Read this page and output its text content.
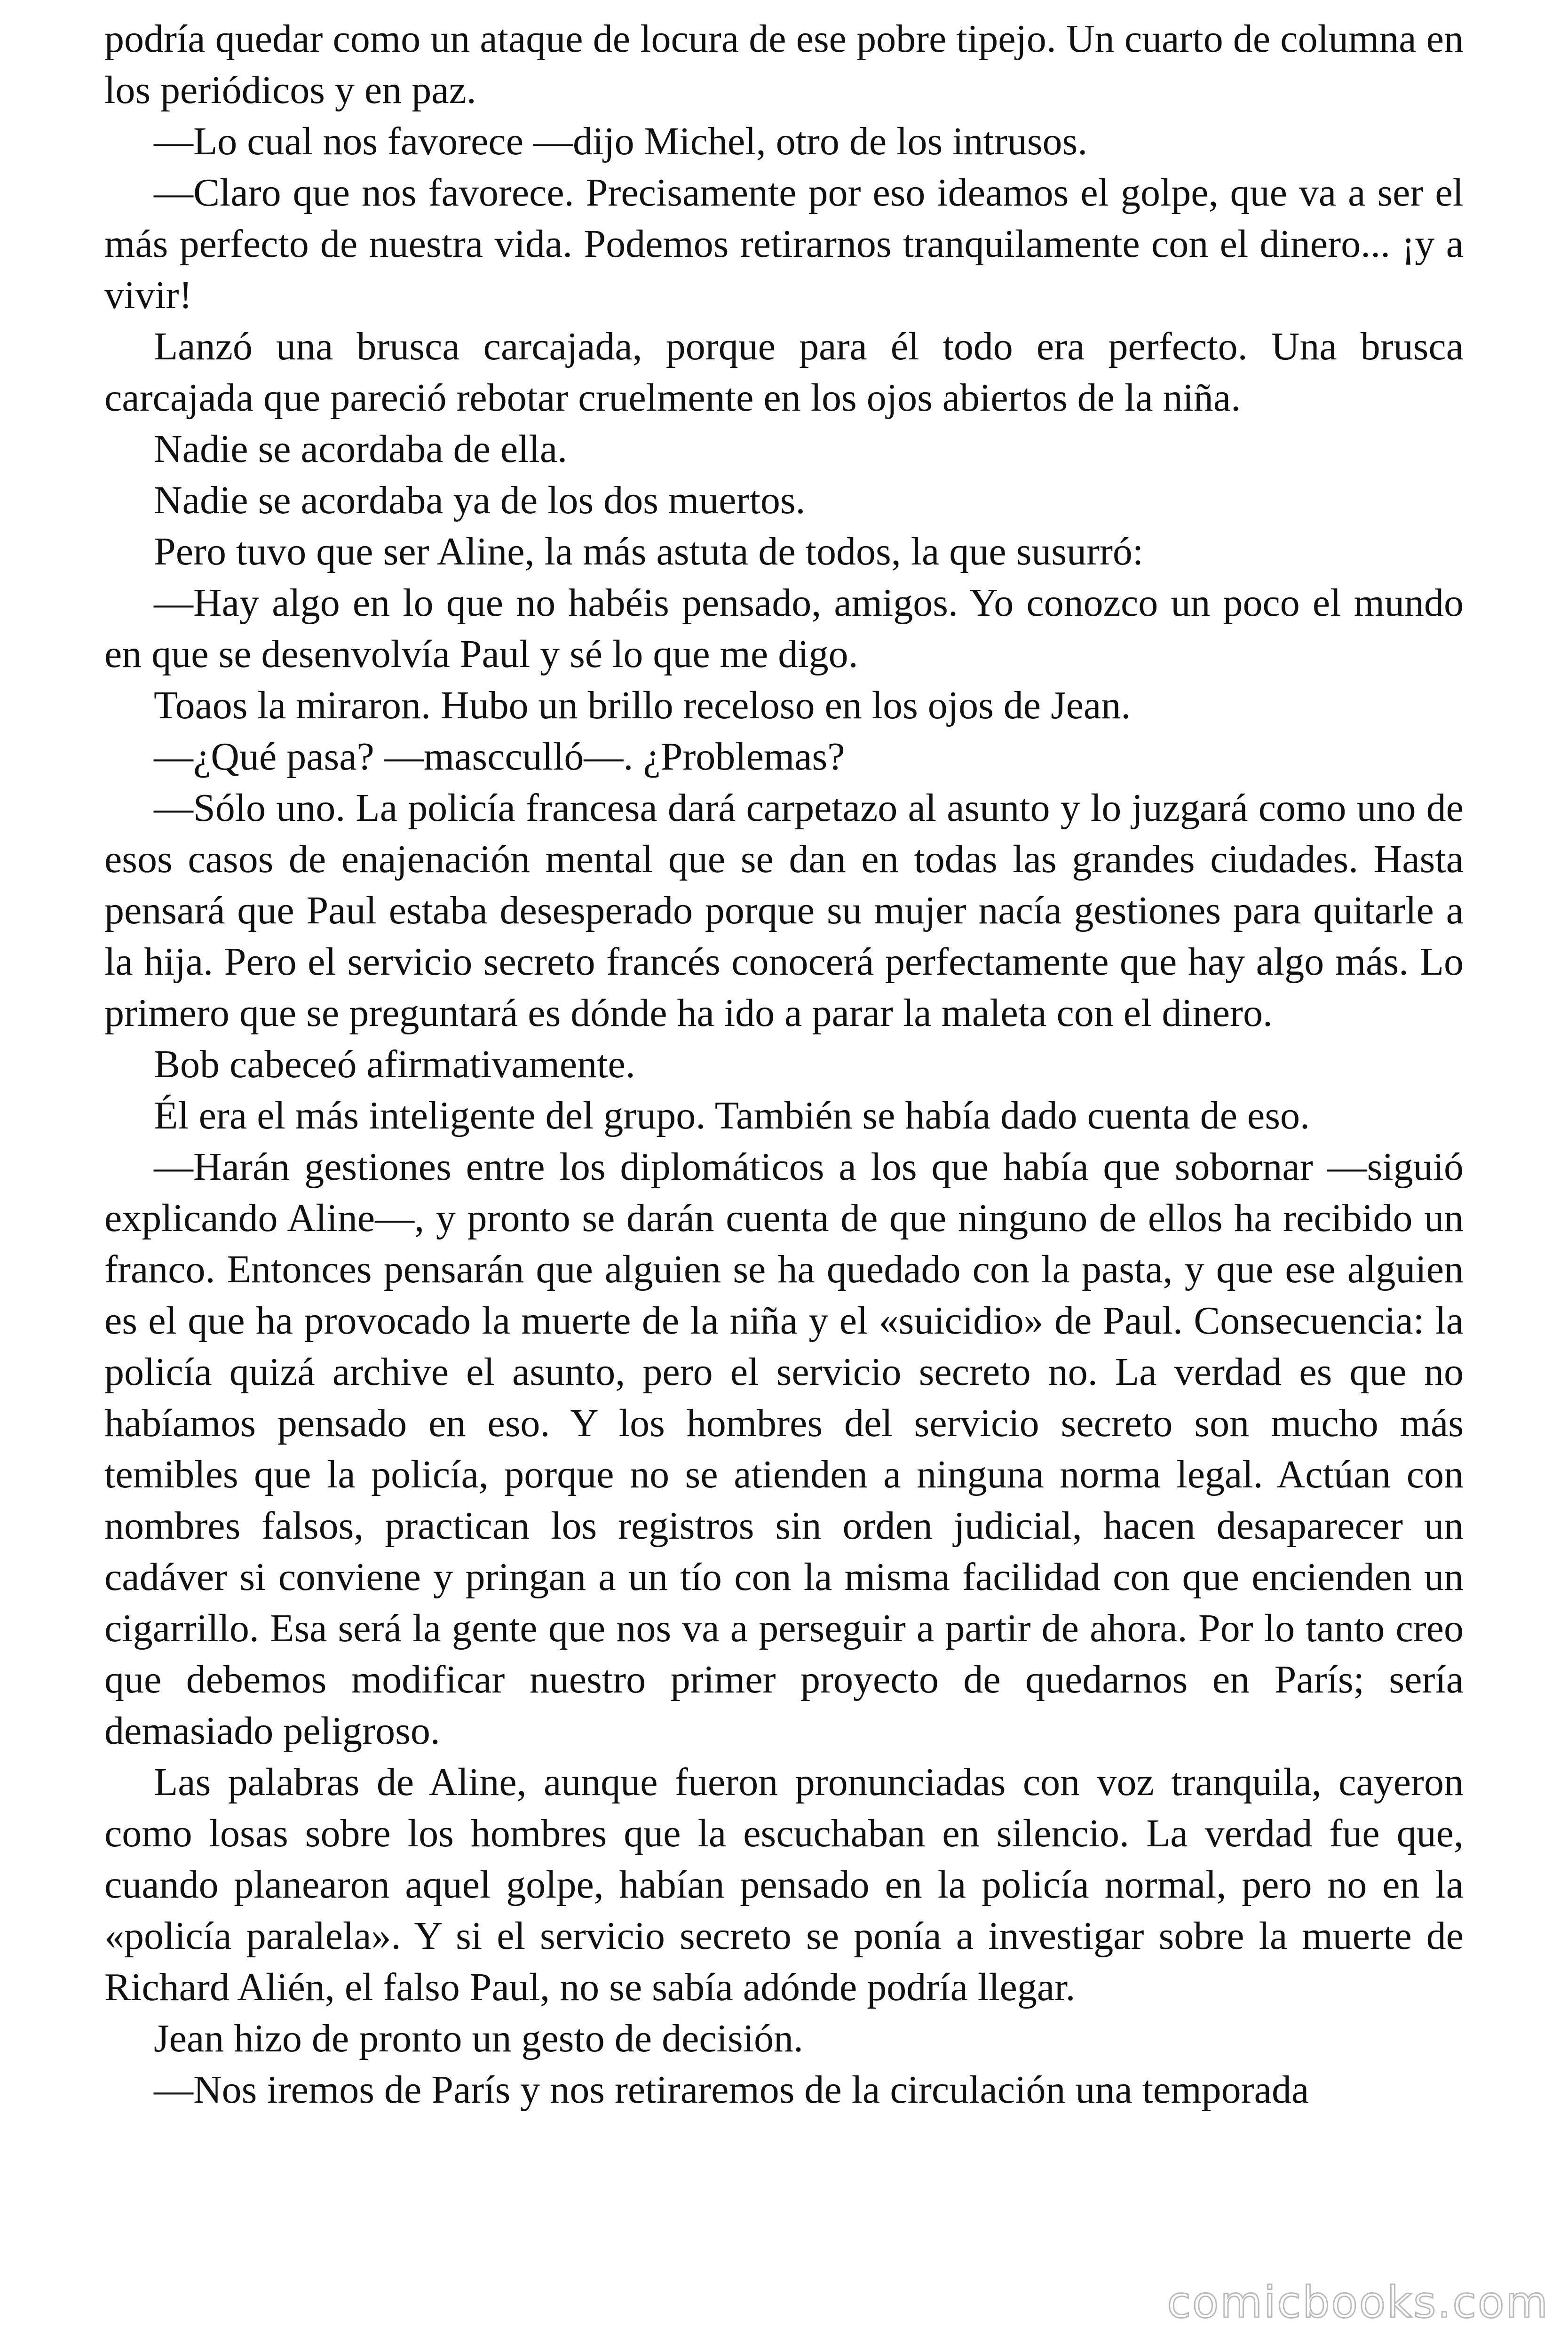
podría quedar como un ataque de locura de ese pobre tipejo. Un cuarto de columna en los periódicos y en paz.

—Lo cual nos favorece —dijo Michel, otro de los intrusos.

—Claro que nos favorece. Precisamente por eso ideamos el golpe, que va a ser el más perfecto de nuestra vida. Podemos retirarnos tranquilamente con el dinero... ¡y a vivir!

Lanzó una brusca carcajada, porque para él todo era perfecto. Una brusca carcajada que pareció rebotar cruelmente en los ojos abiertos de la niña.

Nadie se acordaba de ella.

Nadie se acordaba ya de los dos muertos.

Pero tuvo que ser Aline, la más astuta de todos, la que susurró:

—Hay algo en lo que no habéis pensado, amigos. Yo conozco un poco el mundo en que se desenvolvía Paul y sé lo que me digo.

Toaos la miraron. Hubo un brillo receloso en los ojos de Jean.

—¿Qué pasa? —mascculló—. ¿Problemas?

—Sólo uno. La policía francesa dará carpetazo al asunto y lo juzgará como uno de esos casos de enajenación mental que se dan en todas las grandes ciudades. Hasta pensará que Paul estaba desesperado porque su mujer nacía gestiones para quitarle a la hija. Pero el servicio secreto francés conocerá perfectamente que hay algo más. Lo primero que se preguntará es dónde ha ido a parar la maleta con el dinero.

Bob cabeceó afirmativamente.

Él era el más inteligente del grupo. También se había dado cuenta de eso.

—Harán gestiones entre los diplomáticos a los que había que sobornar —siguió explicando Aline—, y pronto se darán cuenta de que ninguno de ellos ha recibido un franco. Entonces pensarán que alguien se ha quedado con la pasta, y que ese alguien es el que ha provocado la muerte de la niña y el «suicidio» de Paul. Consecuencia: la policía quizá archive el asunto, pero el servicio secreto no. La verdad es que no habíamos pensado en eso. Y los hombres del servicio secreto son mucho más temibles que la policía, porque no se atienden a ninguna norma legal. Actúan con nombres falsos, practican los registros sin orden judicial, hacen desaparecer un cadáver si conviene y pringan a un tío con la misma facilidad con que encienden un cigarrillo. Esa será la gente que nos va a perseguir a partir de ahora. Por lo tanto creo que debemos modificar nuestro primer proyecto de quedarnos en París; sería demasiado peligroso.

Las palabras de Aline, aunque fueron pronunciadas con voz tranquila, cayeron como losas sobre los hombres que la escuchaban en silencio. La verdad fue que, cuando planearon aquel golpe, habían pensado en la policía normal, pero no en la «policía paralela». Y si el servicio secreto se ponía a investigar sobre la muerte de Richard Alién, el falso Paul, no se sabía adónde podría llegar.

Jean hizo de pronto un gesto de decisión.

—Nos iremos de París y nos retiraremos de la circulación una temporada

comicbooks.com
